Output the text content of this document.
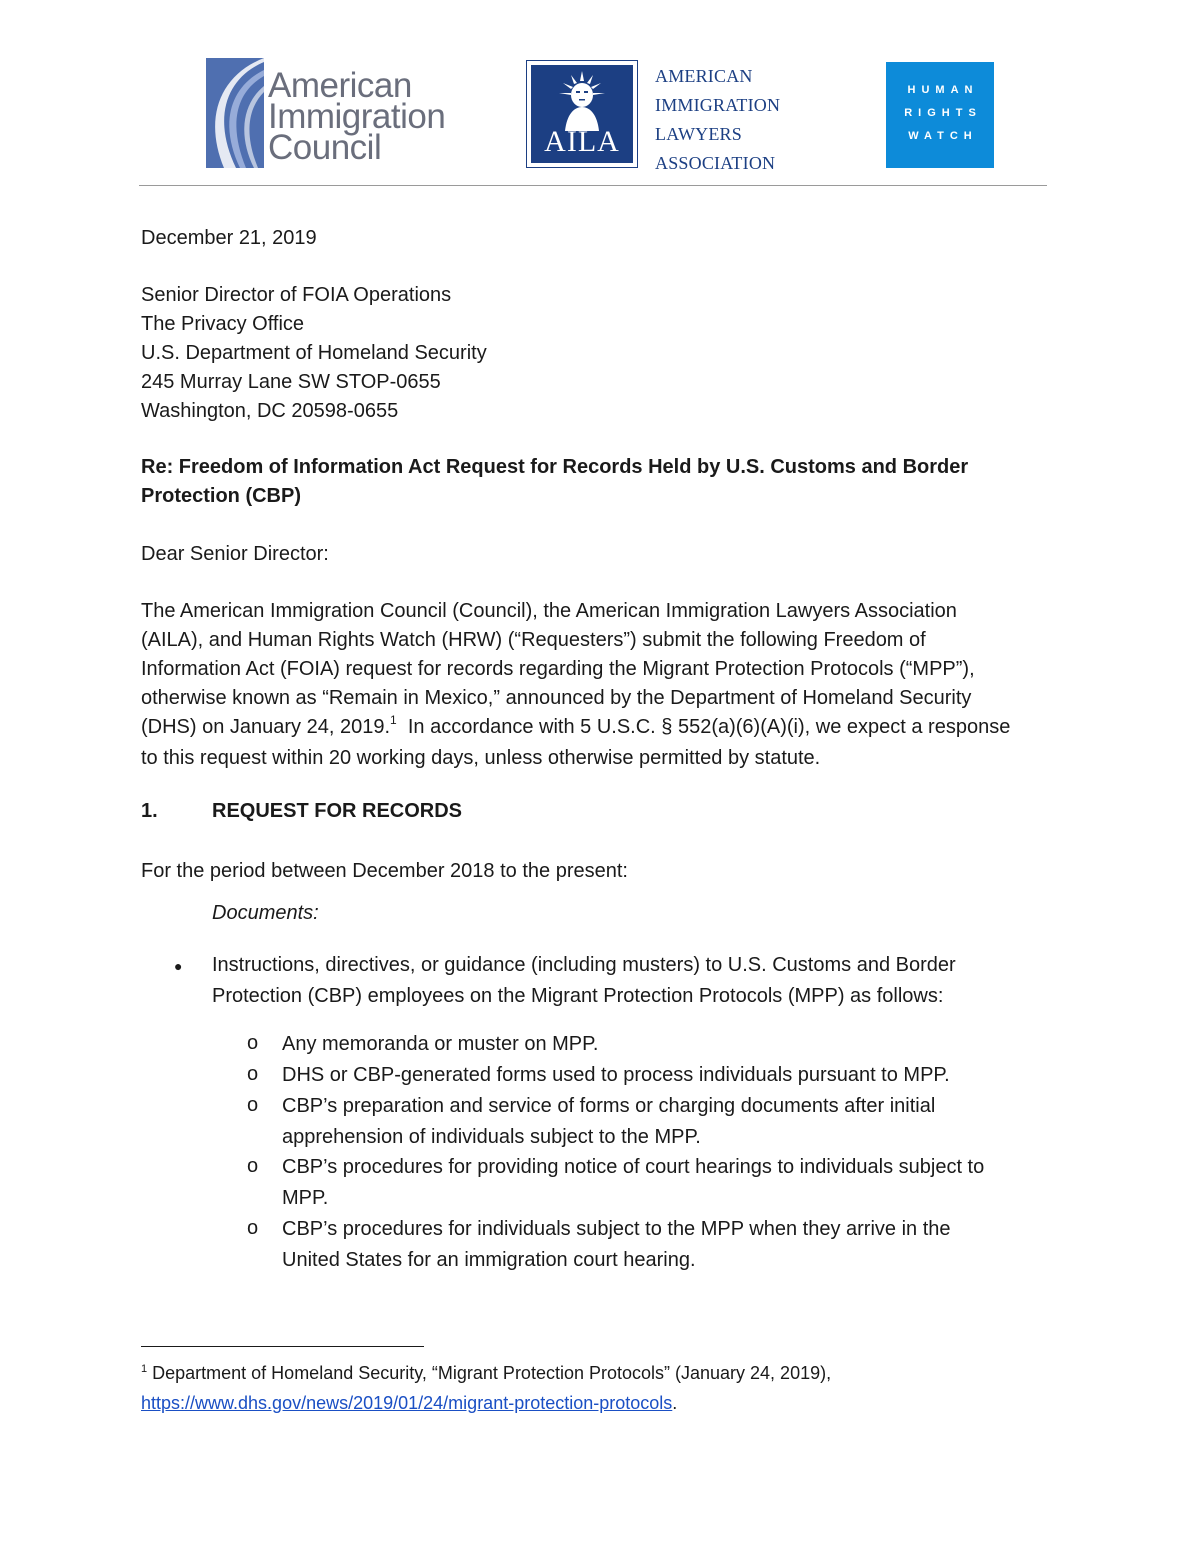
American
Immigration
Council	AILA
AMERICAN
IMMIGRATION
LAWYERS
ASSOCIATION
HUMAN
RIGHTS
WATCH
December 21, 2019
Senior Director of FOIA Operations
The Privacy Office
U.S. Department of Homeland Security
245 Murray Lane SW STOP-0655
Washington, DC 20598-0655
Re: Freedom of Information Act Request for Records Held by U.S. Customs and Border
Protection (CBP)
Dear Senior Director:
The American Immigration Council (Council), the American Immigration Lawyers Association
(AILA), and Human Rights Watch (HRW) (“Requesters”) submit the following Freedom of
Information Act (FOIA) request for records regarding the Migrant Protection Protocols (“MPP”),
otherwise known as “Remain in Mexico,” announced by the Department of Homeland Security
(DHS) on January 24, 2019.$^1$  In accordance with 5 U.S.C. § 552(a)(6)(A)(i), we expect a response
to this request within 20 working days, unless otherwise permitted by statute.
1.	REQUEST FOR RECORDS
For the period between December 2018 to the present:
Documents:
● Instructions, directives, or guidance (including musters) to U.S. Customs and Border
Protection (CBP) employees on the Migrant Protection Protocols (MPP) as follows:
o Any memoranda or muster on MPP.
o DHS or CBP-generated forms used to process individuals pursuant to MPP.
o CBP’s preparation and service of forms or charging documents after initial
apprehension of individuals subject to the MPP.
o CBP’s procedures for providing notice of court hearings to individuals subject to
MPP.
o CBP’s procedures for individuals subject to the MPP when they arrive in the
United States for an immigration court hearing.
$^1$ Department of Homeland Security, “Migrant Protection Protocols” (January 24, 2019),
https://www.dhs.gov/news/2019/01/24/migrant-protection-protocols.
